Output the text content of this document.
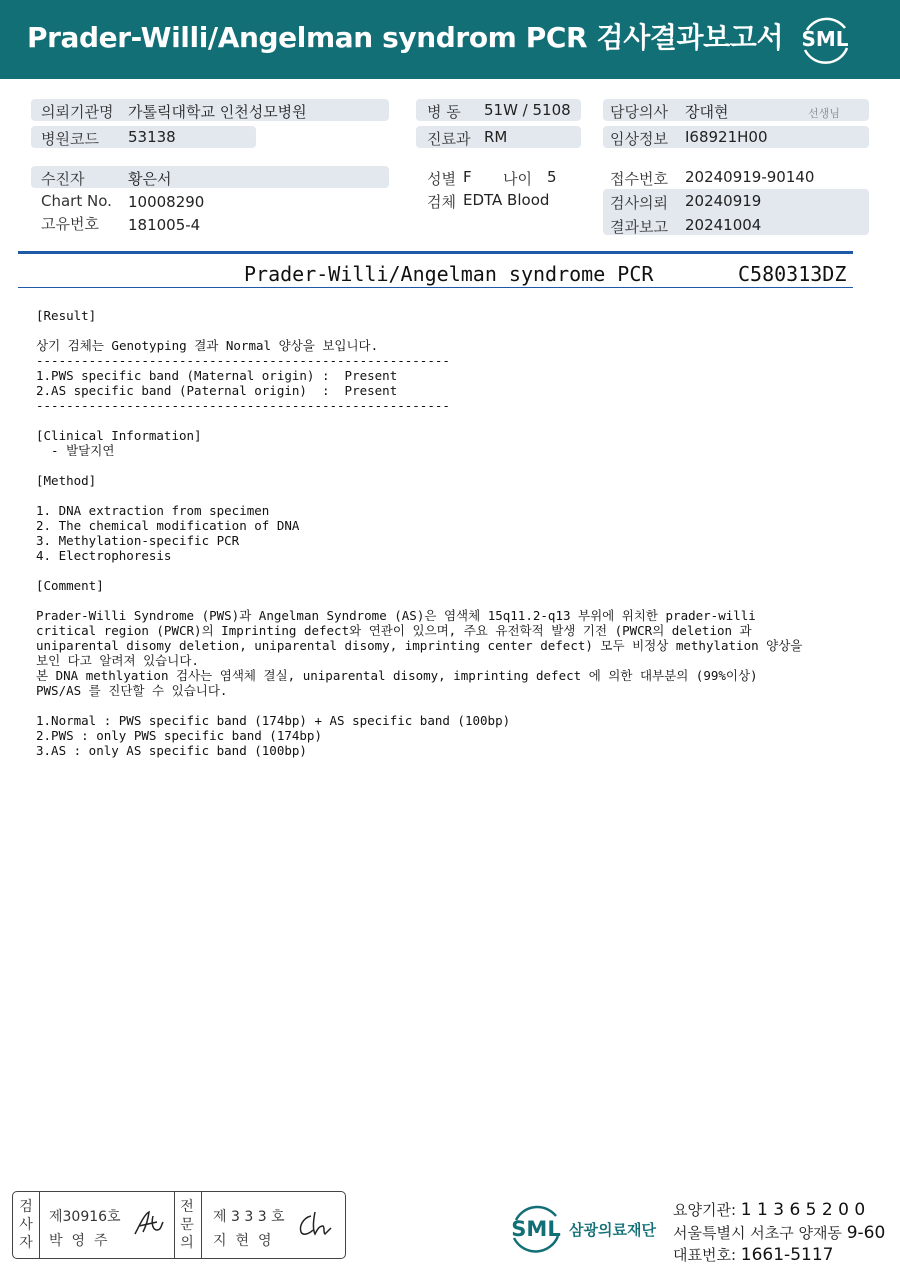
Prader-Willi/Angelman syndrom PCR 검사결과보고서 SML
의뢰기관명 가톨릭대학교 인천성모병원
병원코드 53138
병 동 51W / 5108
진료과 RM
담당의사 장대현	선생님
임상정보 I68921H00
수진자	황은서
Chart No. 10008290
고유번호 181005-4
성별 F 나이 5
검체 EDTA Blood
접수번호 20240919-90140
검사의뢰 20240919
결과보고 20241004
Prader-Willi/Angelman syndrome PCR	C580313DZ
[Result]

상기 검체는 Genotyping 결과 Normal 양상을 보입니다.
-------------------------------------------------------
1.PWS specific band (Maternal origin) :  Present
2.AS specific band (Paternal origin)  :  Present
-------------------------------------------------------

[Clinical Information]
- 발달지연

[Method]

1. DNA extraction from specimen
2. The chemical modification of DNA
3. Methylation-specific PCR
4. Electrophoresis

[Comment]
Prader-Willi Syndrome (PWS)과 Angelman Syndrome (AS)은 염색체 15q11.2-q13 부위에 위치한 prader-willi
critical region (PWCR)의 Imprinting defect와 연관이 있으며, 주요 유전학적 발생 기전 (PWCR의 deletion 과
uniparental disomy deletion, uniparental disomy, imprinting center defect) 모두 비정상 methylation 양상을
보인 다고 알려져 있습니다.
본 DNA methlyation 검사는 염색체 결실, uniparental disomy, imprinting defect 에 의한 대부분의 (99%이상)
PWS/AS 를 진단할 수 있습니다.

1.Normal : PWS specific band (174bp) + AS specific band (100bp)
2.PWS : only PWS specific band (174bp)
3.AS : only AS specific band (100bp)
검
사
자
제30916호
박영주
전
문
의
제 3 3 3 호
지현영	SML 삼광의료재단
요양기관: 1 1 3 6 5 2 0 0
서울특별시 서초구 양재동 9-60
대표번호: 1661-5117
